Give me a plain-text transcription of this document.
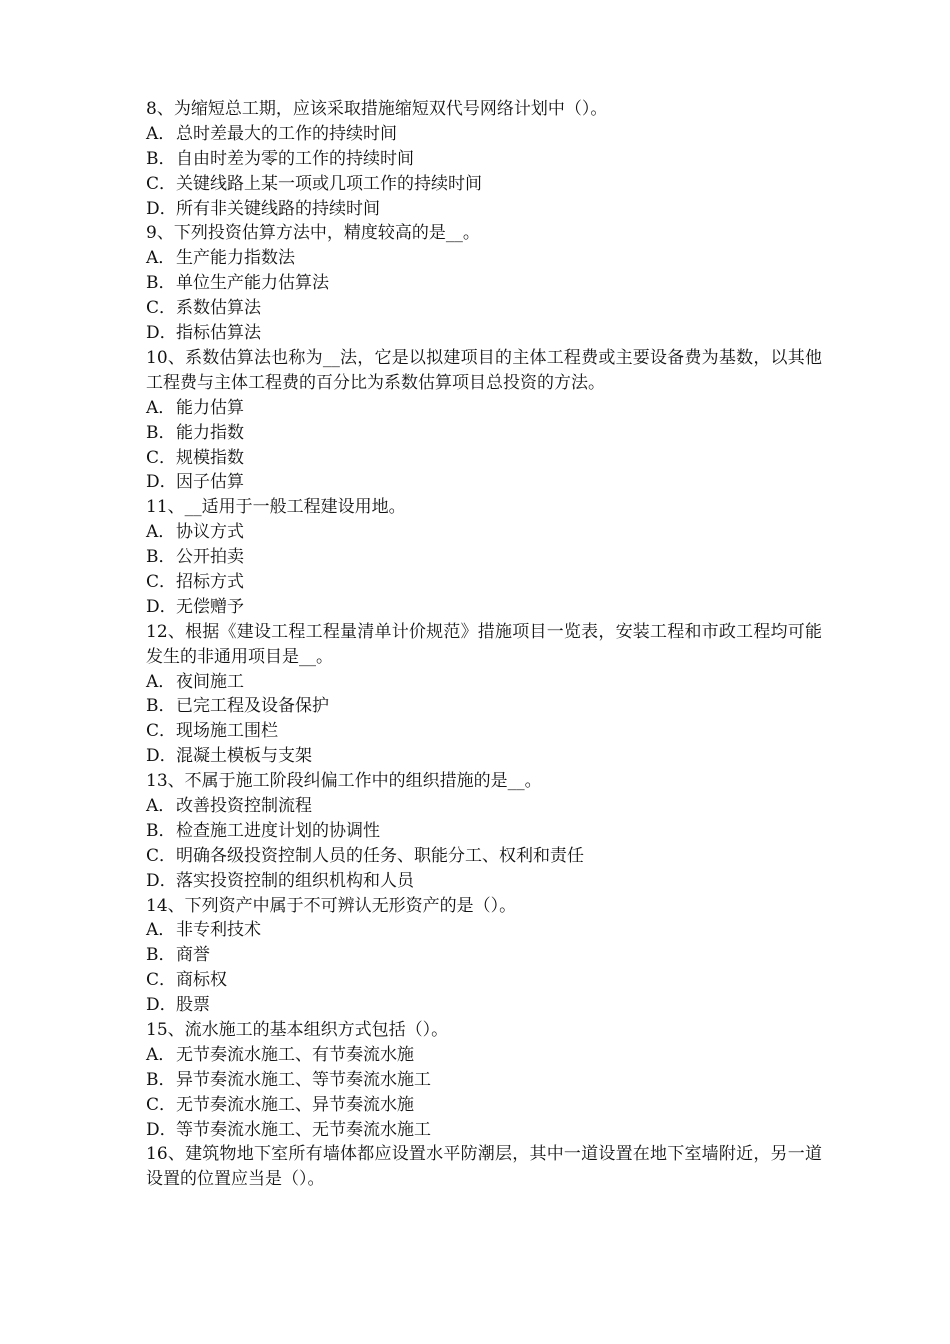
8、为缩短总工期，应该采取措施缩短双代号网络计划中（）。
A．总时差最大的工作的持续时间
B．自由时差为零的工作的持续时间
C．关键线路上某一项或几项工作的持续时间
D．所有非关键线路的持续时间
9、下列投资估算方法中，精度较高的是__。
A．生产能力指数法
B．单位生产能力估算法
C．系数估算法
D．指标估算法
10、系数估算法也称为__法，它是以拟建项目的主体工程费或主要设备费为基数，以其他工程费与主体工程费的百分比为系数估算项目总投资的方法。
A．能力估算
B．能力指数
C．规模指数
D．因子估算
11、__适用于一般工程建设用地。
A．协议方式
B．公开拍卖
C．招标方式
D．无偿赠予
12、根据《建设工程工程量清单计价规范》措施项目一览表，安装工程和市政工程均可能发生的非通用项目是__。
A．夜间施工
B．已完工程及设备保护
C．现场施工围栏
D．混凝土模板与支架
13、不属于施工阶段纠偏工作中的组织措施的是__。
A．改善投资控制流程
B．检查施工进度计划的协调性
C．明确各级投资控制人员的任务、职能分工、权利和责任
D．落实投资控制的组织机构和人员
14、下列资产中属于不可辨认无形资产的是（）。
A．非专利技术
B．商誉
C．商标权
D．股票
15、流水施工的基本组织方式包括（）。
A．无节奏流水施工、有节奏流水施
B．异节奏流水施工、等节奏流水施工
C．无节奏流水施工、异节奏流水施
D．等节奏流水施工、无节奏流水施工
16、建筑物地下室所有墙体都应设置水平防潮层，其中一道设置在地下室墙附近，另一道设置的位置应当是（）。
